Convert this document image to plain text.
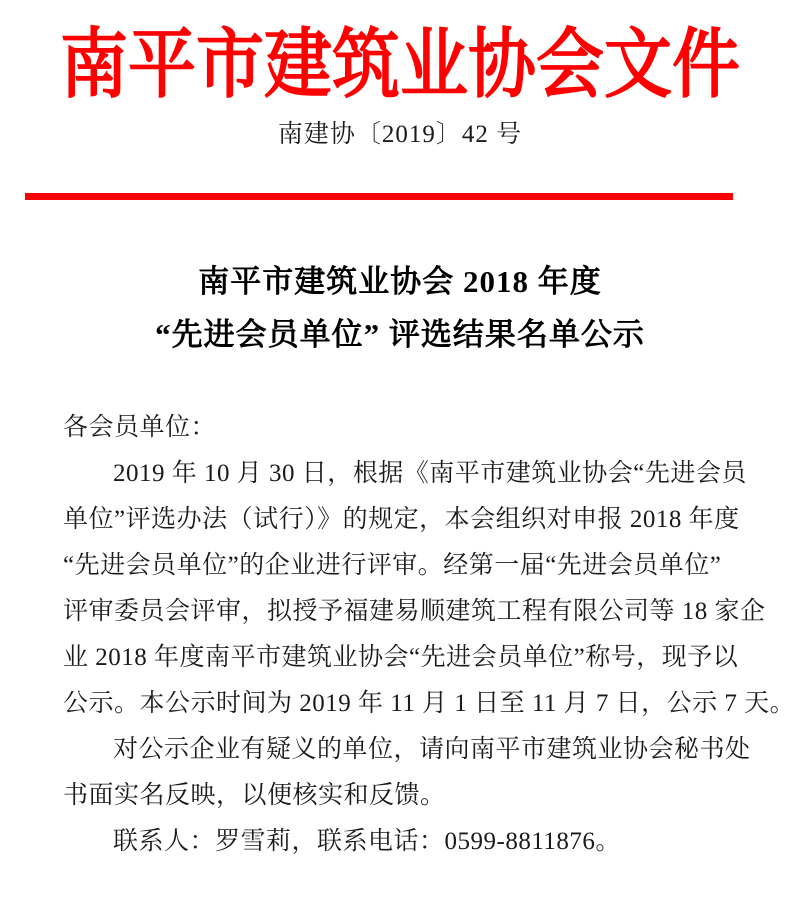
南平市建筑业协会文件
南建协〔2019〕42 号
南平市建筑业协会 2018 年度
“先进会员单位” 评选结果名单公示
各会员单位：
2019 年 10 月 30 日，根据《南平市建筑业协会“先进会员
单位”评选办法（试行）》的规定，本会组织对申报 2018 年度
“先进会员单位”的企业进行评审。经第一届“先进会员单位”
评审委员会评审，拟授予福建易顺建筑工程有限公司等 18 家企
业 2018 年度南平市建筑业协会“先进会员单位”称号，现予以
公示。本公示时间为 2019 年 11 月 1 日至 11 月 7 日，公示 7 天。
对公示企业有疑义的单位，请向南平市建筑业协会秘书处
书面实名反映，以便核实和反馈。
联系人：罗雪莉，联系电话：0599-8811876。
